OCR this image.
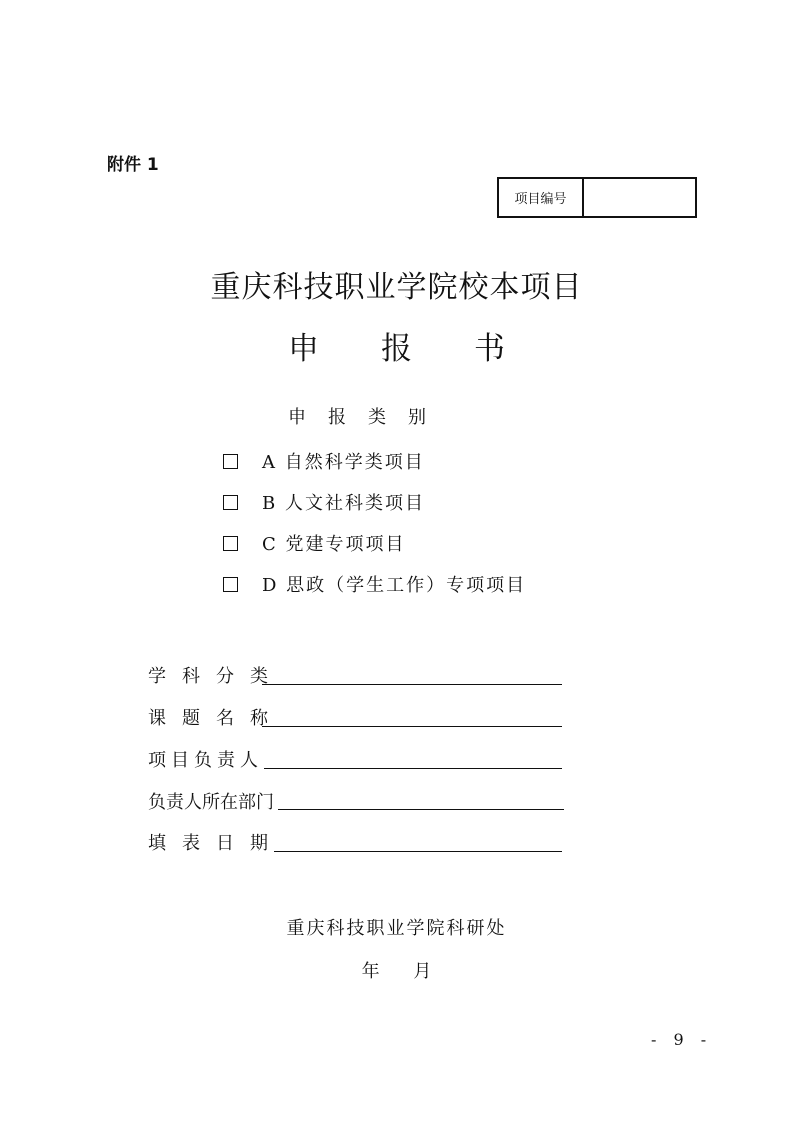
附件 1
项目编号
重庆科技职业学院校本项目
申报书
申报类别
A 自然科学类项目
B 人文社科类项目
C 党建专项项目
D 思政（学生工作）专项项目
学科分类
课题名称
项目负责人
负责人所在部门
填表日期
重庆科技职业学院科研处
年 月
- 9 -
